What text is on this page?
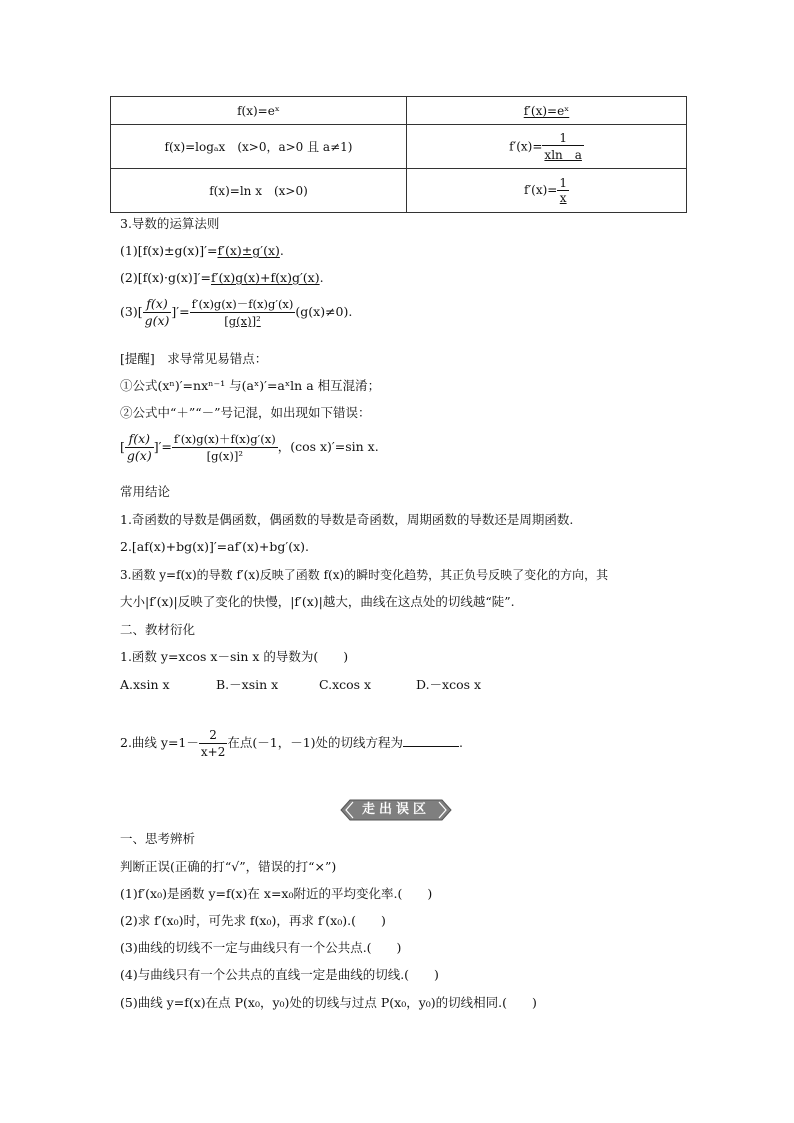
f(x)=eˣ	f′(x)=eˣ
f(x)=logₐx　(x>0，a>0 且 a≠1)	$f'(x)= \frac{1}{\text{xln　a}}$

f(x)=ln x　(x>0)	$f'(x)= \frac{1}{x}$
3.导数的运算法则
(1)[f(x)±g(x)]′=f′(x)±g′(x).
(2)[f(x)·g(x)]′=f′(x)g(x)+f(x)g′(x).
$(3)[ \frac{f(x)}{g(x)}$ ]′= $\frac{f'(x)g(x)-f(x)g'(x)}{\text{[g(x)]²}} (g(x)\ne 0)$.
[提醒]　求导常见易错点：
①公式(xⁿ)′=nxⁿ⁻¹ 与(aˣ)′=aˣln a 相互混淆；
②公式中“＋”“－”号记混，如出现如下错误：
[ $\frac{f(x)}{g(x)}$ ]′= $\frac{f'(x)g(x)+f(x)g'(x)}{\text{[g(x)]²}}$ ，(cos x)′=sin x.
常用结论
1.奇函数的导数是偶函数，偶函数的导数是奇函数，周期函数的导数还是周期函数.
2.[af(x)+bg(x)]′=af′(x)+bg′(x).
3.函数 y=f(x)的导数 f′(x)反映了函数 f(x)的瞬时变化趋势，其正负号反映了变化的方向，其
大小|f′(x)|反映了变化的快慢，|f′(x)|越大，曲线在这点处的切线越“陡”.
二、教材衍化
1.函数 y=xcos x－sin x 的导数为(　　)
A.xsin x	B.－xsin x	C.xcos x	D.－xcos x
2.曲线 $y=1- \frac{2}{x+2}$ 在点(－1，－1)处的切线方程为	.
走出误区
一、思考辨析
判断正误(正确的打“√”，错误的打“×”)
(1)f′(x₀)是函数 y=f(x)在 x=x₀附近的平均变化率.(　　)
(2)求 f′(x₀)时，可先求 f(x₀)，再求 f′(x₀).(　　)
(3)曲线的切线不一定与曲线只有一个公共点.(　　)
(4)与曲线只有一个公共点的直线一定是曲线的切线.(　　)
(5)曲线 y=f(x)在点 P(x₀，y₀)处的切线与过点 P(x₀，y₀)的切线相同.(　　)
